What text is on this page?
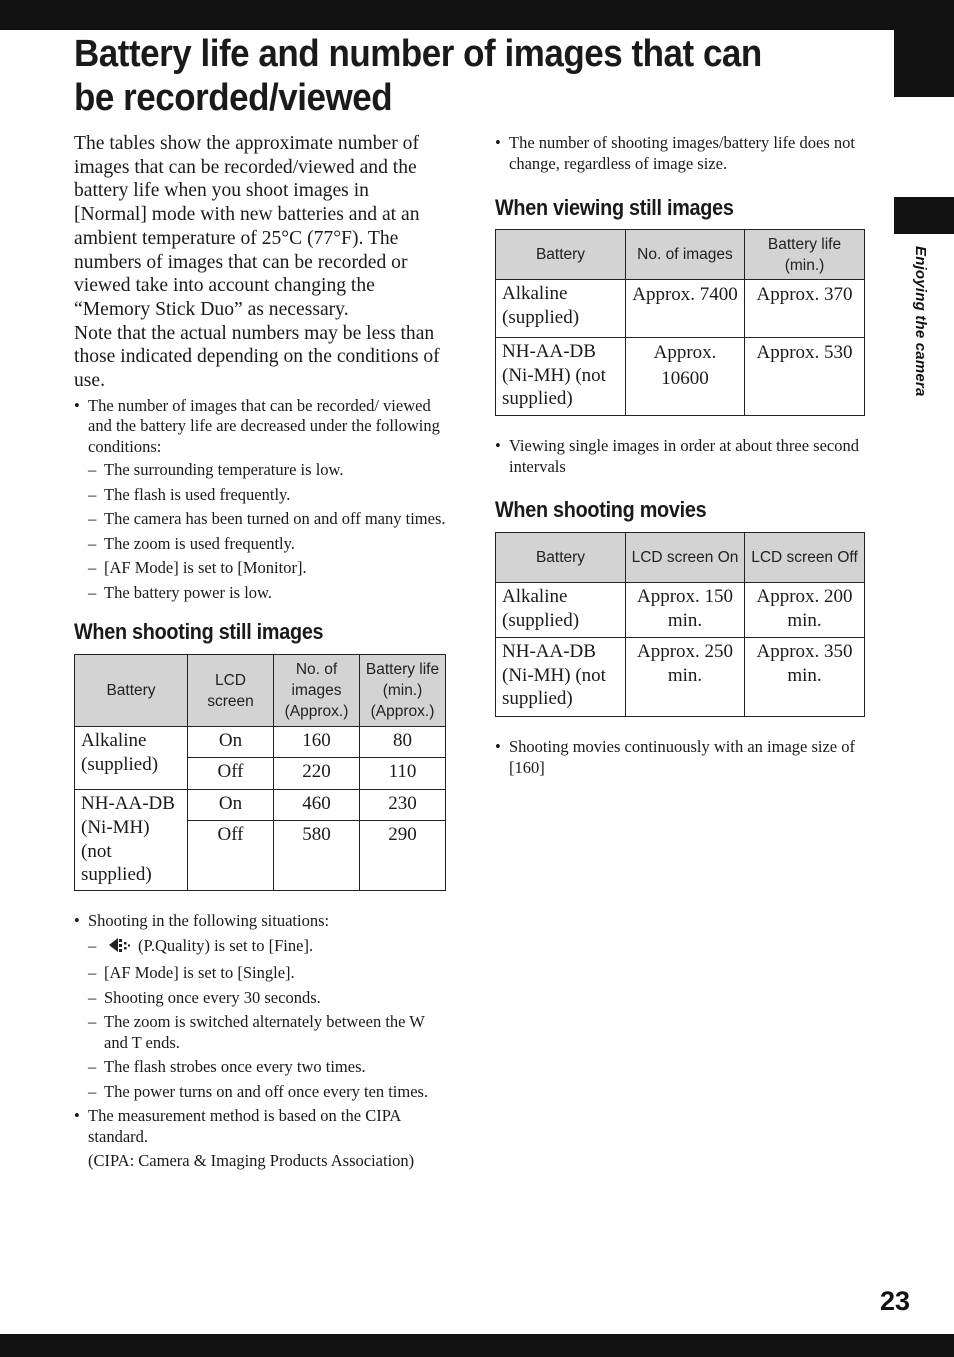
Enjoying the camera
Battery life and number of images that can be recorded/viewed

The tables show the approximate number of images that can be recorded/viewed and the battery life when you shoot images in [Normal] mode with new batteries and at an ambient temperature of 25°C (77°F). The numbers of images that can be recorded or viewed take into account changing the “Memory Stick Duo” as necessary.

Note that the actual numbers may be less than those indicated depending on the conditions of use.

• The number of images that can be recorded/ viewed and the battery life are decreased under the following conditions:
– The surrounding temperature is low.
– The flash is used frequently.
– The camera has been turned on and off many times.
– The zoom is used frequently.
– [AF Mode] is set to [Monitor].
– The battery power is low.
When shooting still images
Battery	LCD screen	No. of images (Approx.)	Battery life (min.) (Approx.)
Alkaline (supplied)	On	160	80
	Off	220	110
NH-AA-DB (Ni-MH) (not supplied)	On	460	230
	Off	580	290
• Shooting in the following situations:
– (P.Quality) is set to [Fine].
– [AF Mode] is set to [Single].
– Shooting once every 30 seconds.
– The zoom is switched alternately between the W and T ends.
– The flash strobes once every two times.
– The power turns on and off once every ten times.
• The measurement method is based on the CIPA standard.
(CIPA: Camera & Imaging Products Association)
• The number of shooting images/battery life does not change, regardless of image size.
When viewing still images
Battery	No. of images	Battery life (min.)
Alkaline (supplied)	Approx. 7400	Approx. 370
NH-AA-DB (Ni-MH) (not supplied)	Approx. 10600	Approx. 530
• Viewing single images in order at about three second intervals
When shooting movies
Battery	LCD screen On	LCD screen Off
Alkaline (supplied)	Approx. 150 min.	Approx. 200 min.
NH-AA-DB (Ni-MH) (not supplied)	Approx. 250 min.	Approx. 350 min.
• Shooting movies continuously with an image size of [160]
23
